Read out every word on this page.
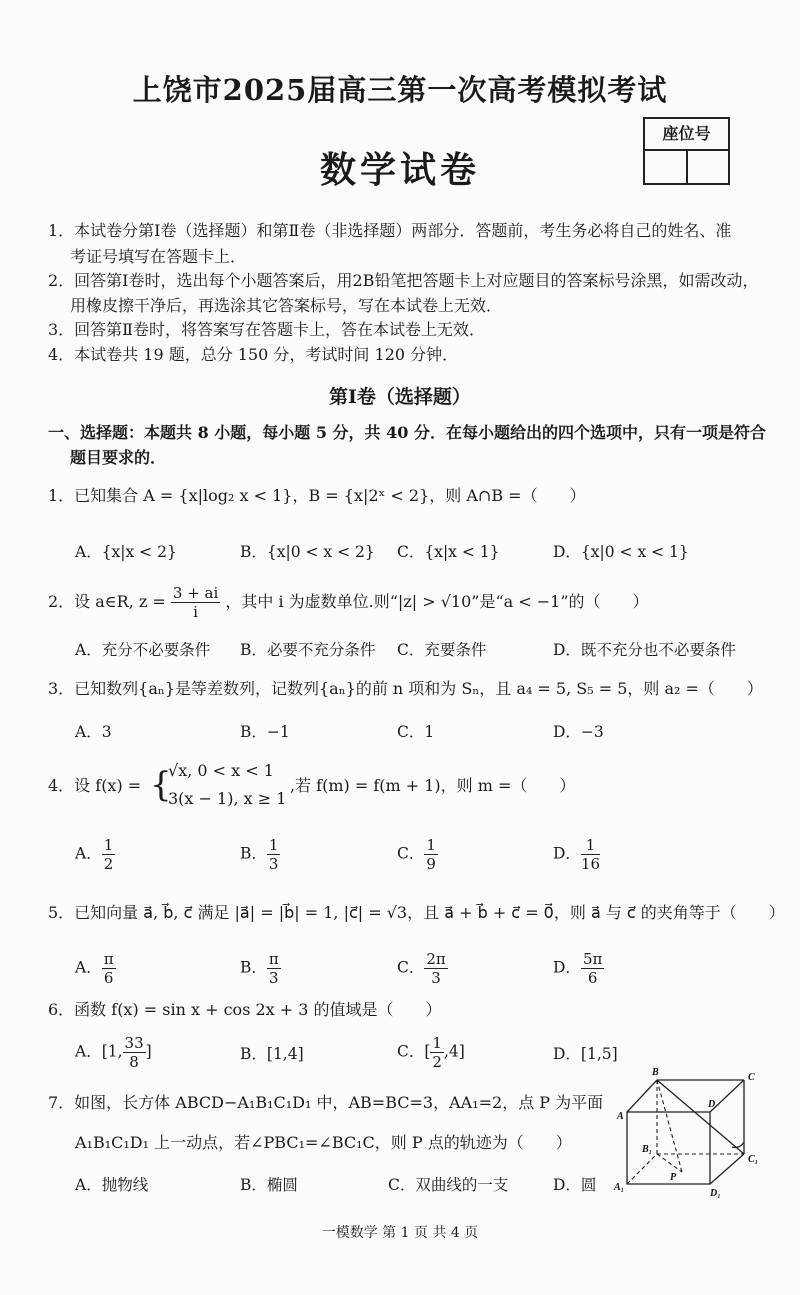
上饶市2025届高三第一次高考模拟考试
数学试卷
座位号
1．本试卷分第Ⅰ卷（选择题）和第Ⅱ卷（非选择题）两部分．答题前，考生务必将自己的姓名、准
考证号填写在答题卡上．
2．回答第Ⅰ卷时，选出每个小题答案后，用2B铅笔把答题卡上对应题目的答案标号涂黑，如需改动，
用橡皮擦干净后，再选涂其它答案标号，写在本试卷上无效．
3．回答第Ⅱ卷时，将答案写在答题卡上，答在本试卷上无效．
4．本试卷共 19 题，总分 150 分，考试时间 120 分钟．
第Ⅰ卷（选择题）
一、选择题：本题共 8 小题，每小题 5 分，共 40 分．在每小题给出的四个选项中，只有一项是符合
题目要求的．
1．已知集合 A = {x|log₂ x < 1}，B = {x|2ˣ < 2}，则 A∩B =（　　）
A．{x|x < 2}	B．{x|0 < x < 2} C．{x|x < 1}	D．{x|0 < x < 1}
2．设 a∈R, $z = \frac{3 + ai}{i}$ ，其中 i 为虚数单位.则“|z| > √10”是“a < −1”的（　　）
A．充分不必要条件 B．必要不充分条件 C．充要条件	D．既不充分也不必要条件
3．已知数列{aₙ}是等差数列，记数列{aₙ}的前 n 项和为 Sₙ，且 a₄ = 5, S₅ = 5，则 a₂ =（　　）
A．3	B．−1	C．1	D．−3
4．设 f(x) = {
√x, 0 < x < 1
3(x − 1), x ≥ 1
,若 f(m) = f(m + 1)，则 m =（　　）
A． $\frac{1}{2}$	B． $\frac{1}{3}$	C． $\frac{1}{9}$	D． $\frac{1}{16}$
5．已知向量 a⃗, b⃗, c⃗ 满足 |a⃗| = |b⃗| = 1, |c⃗| = √3，且 a⃗ + b⃗ + c⃗ = 0⃗，则 a⃗ 与 c⃗ 的夹角等于（　　）
A． $\frac{\pi}{6}$	B． $\frac{\pi}{3}$	C． $\frac{2\pi}{3}$	D． $\frac{5\pi}{6}$
6．函数 f(x) = sin x + cos 2x + 3 的值域是（　　）
A．[1, $\frac{33}{8}$ ]	B．[1,4]	C．[ $\frac{1}{2} ,4$]	D．[1,5]
7．如图，长方体 ABCD−A₁B₁C₁D₁ 中，AB=BC=3，AA₁=2，点 P 为平面
A₁B₁C₁D₁ 上一动点，若∠PBC₁=∠BC₁C，则 P 点的轨迹为（　　）
A．抛物线	B．椭圆	C．双曲线的一支	D．圆
B	C
A
D
B₁
C₁
P
A₁
D₁
一模数学 第 1 页 共 4 页
